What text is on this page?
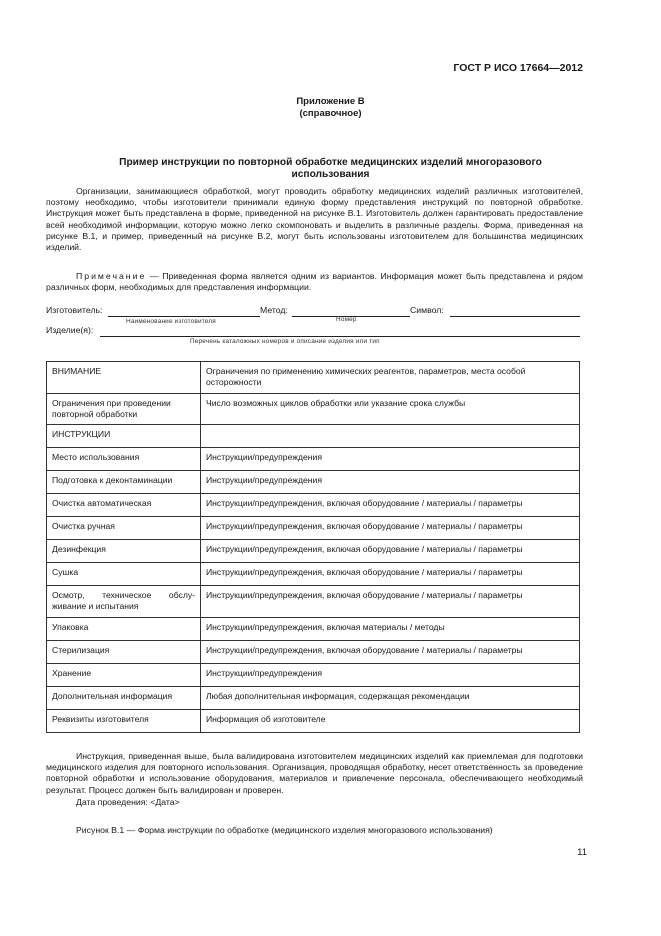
ГОСТ Р ИСО 17664—2012
Приложение В
(справочное)
Пример инструкции по повторной обработке медицинских изделий многоразового
использования

Организации, занимающиеся обработкой, могут проводить обработку медицинских изделий различных изготовителей, поэтому необходимо, чтобы изготовители принимали единую форму представления инструкций по повторной обработке. Инструкция может быть представлена в форме, приведенной на рисунке В.1. Изготовитель должен гарантировать предоставление всей необходимой информации, которую можно легко скомпоновать и выделить в различные разделы. Форма, приведенная на рисунке В.1, и пример, приведенный на рисунке В.2, могут быть использованы изготовителем для большинства медицинских изделий.

Примечание — Приведенная форма является одним из вариантов. Информация может быть представлена и рядом различных форм, необходимых для представления информации.

Изготовитель:	Метод:	Символ:
Наименование изготовителя	Номер
Изделие(я):
Перечень каталожных номеров и описание изделия или тип
ВНИМАНИЕ	Ограничения по применению химических реагентов, параметров, места особой осторожности
Ограничения при проведении повторной обработки	Число возможных циклов обработки или указание срока службы
ИНСТРУКЦИИ	
Место использования	Инструкции/предупреждения
Подготовка к деконтаминации	Инструкции/предупреждения
Очистка автоматическая	Инструкции/предупреждения, включая оборудование / материалы / параметры
Очистка ручная	Инструкции/предупреждения, включая оборудование / материалы / параметры
Дезинфекция	Инструкции/предупреждения, включая оборудование / материалы / параметры
Сушка	Инструкции/предупреждения, включая оборудование / материалы / параметры

Осмотр, техническое обслу-
живание и испытания	Инструкции/предупреждения, включая оборудование / материалы / параметры
Упаковка	Инструкции/предупреждения, включая материалы / методы
Стерилизация	Инструкции/предупреждения, включая оборудование / материалы / параметры
Хранение	Инструкции/предупреждения
Дополнительная информация	Любая дополнительная информация, содержащая рекомендации
Реквизиты изготовителя	Информация об изготовителе

Инструкция, приведенная выше, была валидирована изготовителем медицинских изделий как приемлемая для подготовки медицинского изделия для повторного использования. Организация, проводящая обработку, несет ответственность за проведение повторной обработки и использование оборудования, материалов и привлечение персонала, обеспечивающего необходимый результат. Процесс должен быть валидирован и проверен.

Дата проведения: <Дата>
Рисунок В.1 — Форма инструкции по обработке (медицинского изделия многоразового использования)
11
